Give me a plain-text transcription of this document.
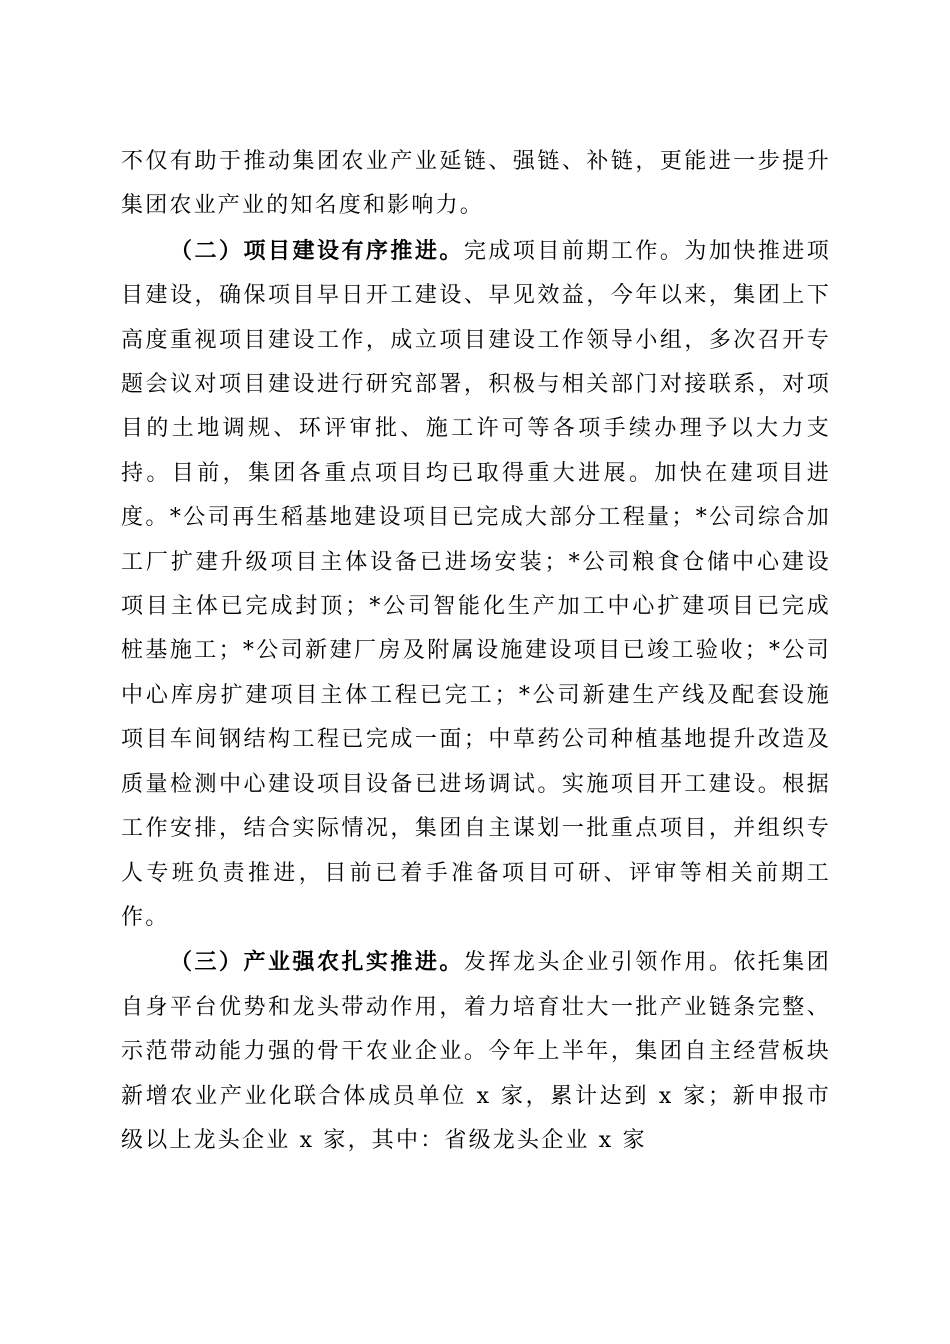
不仅有助于推动集团农业产业延链、强链、补链，更能进一步提升集团农业产业的知名度和影响力。

（二）项目建设有序推进。完成项目前期工作。为加快推进项目建设，确保项目早日开工建设、早见效益，今年以来，集团上下高度重视项目建设工作，成立项目建设工作领导小组，多次召开专题会议对项目建设进行研究部署，积极与相关部门对接联系，对项目的土地调规、环评审批、施工许可等各项手续办理予以大力支持。目前，集团各重点项目均已取得重大进展。加快在建项目进度。*公司再生稻基地建设项目已完成大部分工程量；*公司综合加工厂扩建升级项目主体设备已进场安装；*公司粮食仓储中心建设项目主体已完成封顶；*公司智能化生产加工中心扩建项目已完成桩基施工；*公司新建厂房及附属设施建设项目已竣工验收；*公司中心库房扩建项目主体工程已完工；*公司新建生产线及配套设施项目车间钢结构工程已完成一面；中草药公司种植基地提升改造及质量检测中心建设项目设备已进场调试。实施项目开工建设。根据工作安排，结合实际情况，集团自主谋划一批重点项目，并组织专人专班负责推进，目前已着手准备项目可研、评审等相关前期工作。

（三）产业强农扎实推进。发挥龙头企业引领作用。依托集团自身平台优势和龙头带动作用，着力培育壮大一批产业链条完整、示范带动能力强的骨干农业企业。今年上半年，集团自主经营板块新增农业产业化联合体成员单位 x 家，累计达到 x 家；新申报市级以上龙头企业 x 家，其中：省级龙头企业 x 家
